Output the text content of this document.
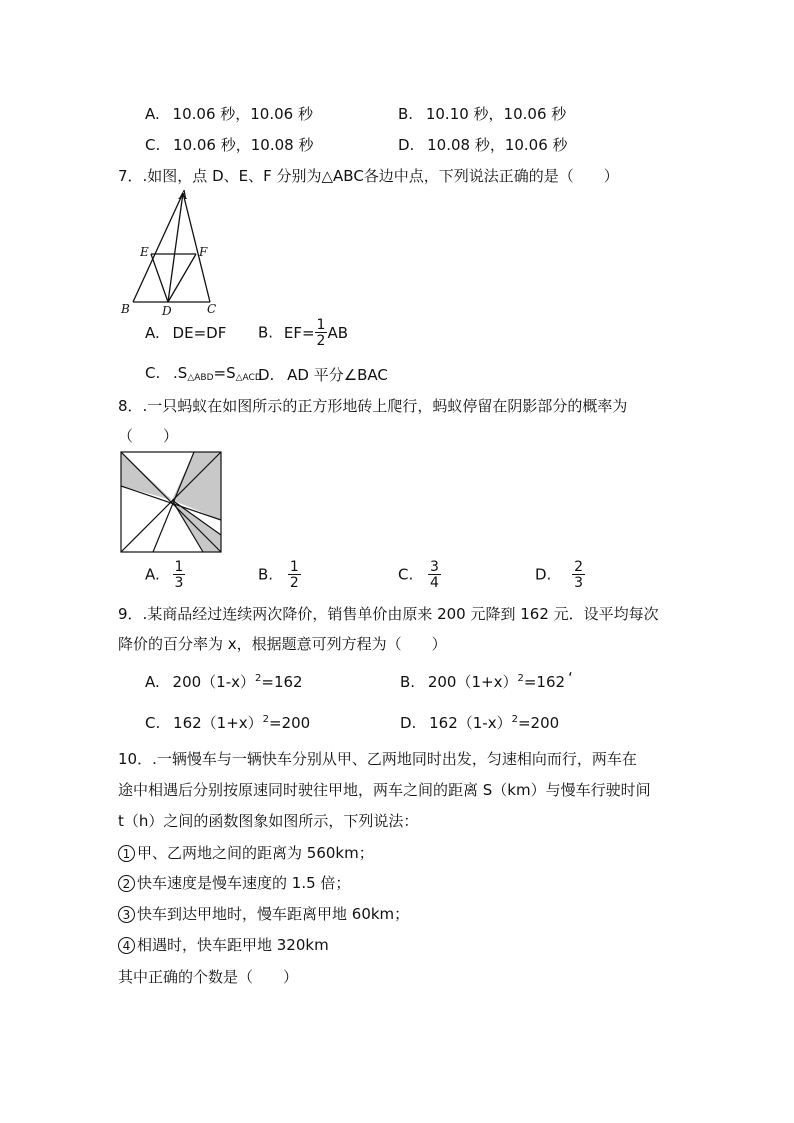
A. 10.06 秒，10.06 秒	B. 10.10 秒，10.06 秒
C. 10.06 秒，10.08 秒	D. 10.08 秒，10.06 秒
7．.如图，点 D、E、F 分别为△ABC各边中点，下列说法正确的是（　　）
A
E	F
B	D	C
A. DE=DF B. $EF= \frac{1}{2}$ AB
C. $.S_{\triangle ABD}=S_{\triangle ACD}$
D. AD 平分∠BAC
8．.一只蚂蚁在如图所示的正方形地砖上爬行，蚂蚁停留在阴影部分的概率为
（　　）
A. $\frac{1}{3}$	B. $\frac{1}{2}$	C. $\frac{3}{4}$	D. $\frac{2}{3}$
9．.某商品经过连续两次降价，销售单价由原来 200 元降到 162 元．设平均每次
降价的百分率为 x，根据题意可列方程为（　　）
A. $200(1-x)^2=162$	B. $200(1+x)^2=162$ ‘
C. $162(1+x)^2=200$	D. $162(1-x)^2=200$
10．.一辆慢车与一辆快车分别从甲、乙两地同时出发，匀速相向而行，两车在
途中相遇后分别按原速同时驶往甲地，两车之间的距离 S（km）与慢车行驶时间
t（h）之间的函数图象如图所示，下列说法：
1 甲、乙两地之间的距离为 560km；
2 快车速度是慢车速度的 1.5 倍；
3 快车到达甲地时，慢车距离甲地 60km；
4 相遇时，快车距甲地 320km
其中正确的个数是（　　）
